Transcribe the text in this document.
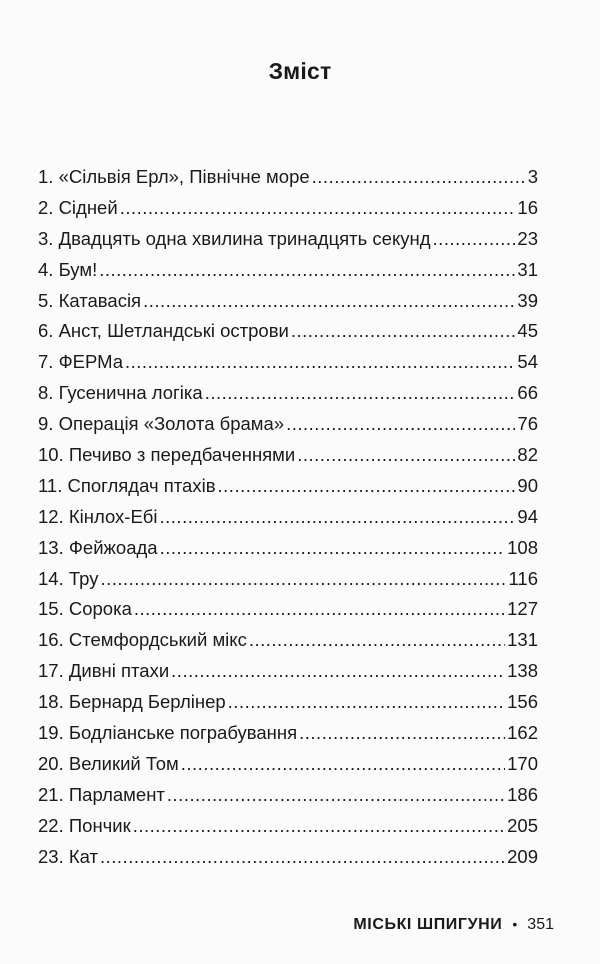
Зміст
1. «Сільвія Ерл», Північне море .....	3
2. Сідней .....	16
3. Двадцять одна хвилина тринадцять секунд .....	23
4. Бум! .....	31
5. Катавасія .....	39
6. Анст, Шетландські острови .....	45
7. ФЕРМа .....	54
8. Гусенична логіка .....	66
9. Операція «Золота брама» .....	76
10. Печиво з передбаченнями .....	82
11. Споглядач птахів .....	90
12. Кінлох-Ебі .....	94
13. Фейжоада .....	108
14. Тру .....	116
15. Сорока .....	127
16. Стемфордський мікс .....	131
17. Дивні птахи .....	138
18. Бернард Берлінер .....	156
19. Бодліанське пограбування .....	162
20. Великий Том .....	170
21. Парламент .....	186
22. Пончик .....	205
23. Кат .....	209
МІСЬКІ ШПИГУНИ • 351
